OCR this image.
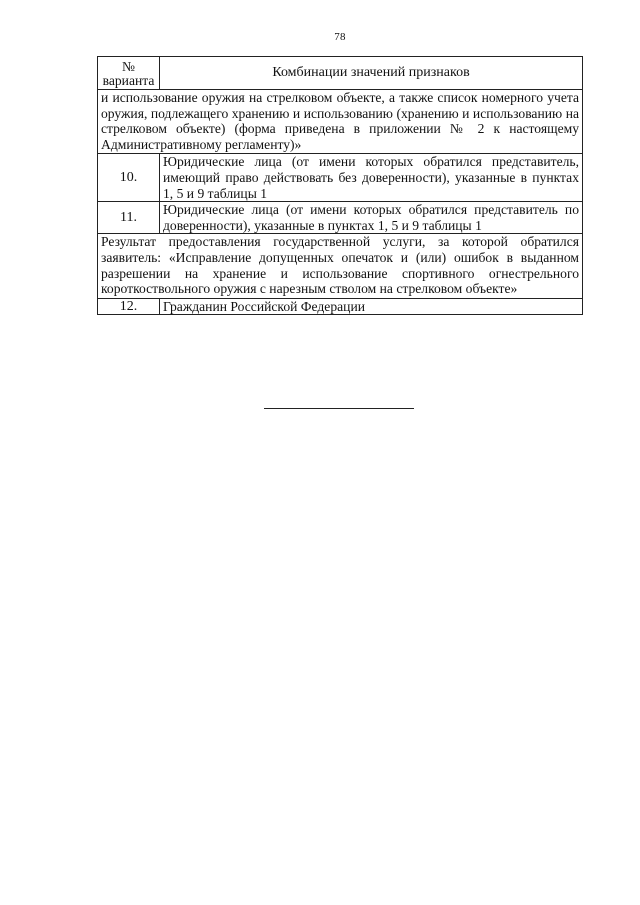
78
№
варианта	Комбинации значений признаков
и использование оружия на стрелковом объекте, а также список номерного учета оружия, подлежащего хранению и использованию (хранению и использованию на стрелковом объекте) (форма приведена в приложении № 2 к настоящему Административному регламенту)»	
10.	Юридические лица (от имени которых обратился представитель, имеющий право действовать без доверенности), указанные в пунктах 1, 5 и 9 таблицы 1
11.	Юридические лица (от имени которых обратился представитель по доверенности), указанные в пунктах 1, 5 и 9 таблицы 1
Результат предоставления государственной услуги, за которой обратился заявитель: «Исправление допущенных опечаток и (или) ошибок в выданном разрешении на хранение и использование спортивного огнестрельного короткоствольного оружия с нарезным стволом на стрелковом объекте»	
12.	Гражданин Российской Федерации
